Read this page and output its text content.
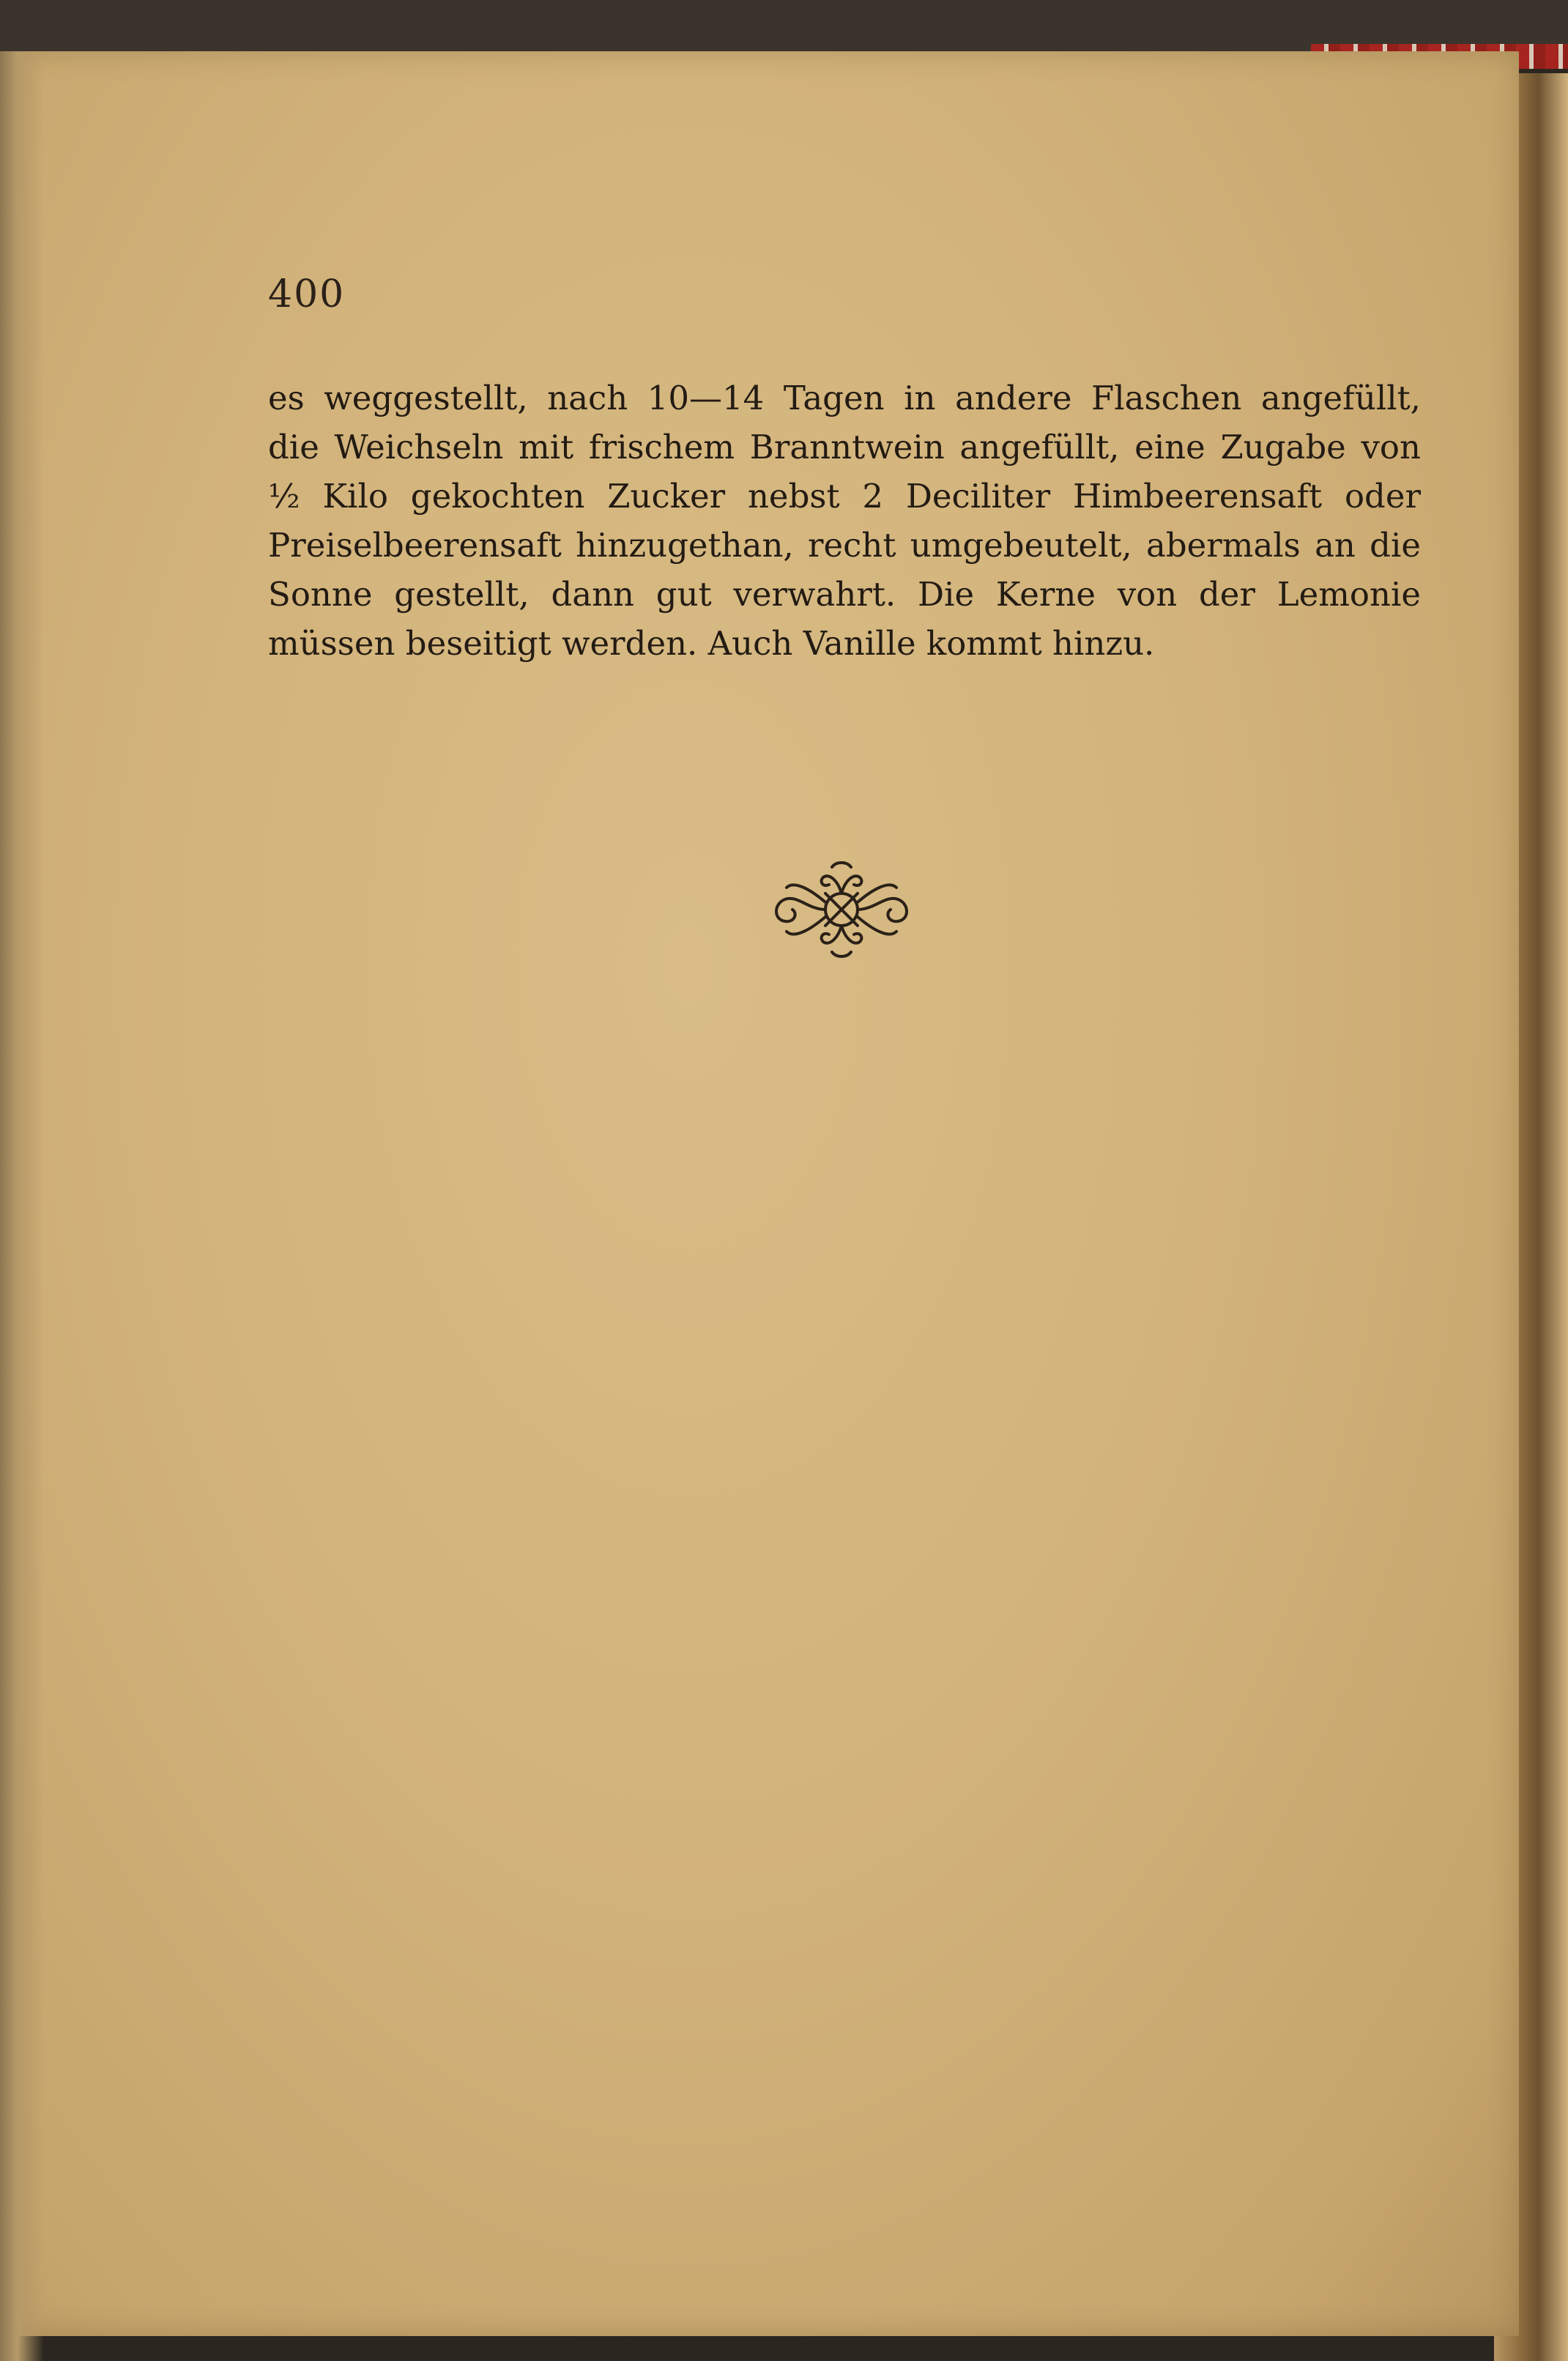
400
es weggestellt, nach 10—14 Tagen in andere Flaschen angefüllt,
die Weichseln mit frischem Branntwein angefüllt, eine Zugabe von
½ Kilo gekochten Zucker nebst 2 Deciliter Himbeerensaft oder
Preiselbeerensaft hinzugethan, recht umgebeutelt, abermals an die
Sonne gestellt, dann gut verwahrt. Die Kerne von der Lemonie
müssen beseitigt werden. Auch Vanille kommt hinzu.
